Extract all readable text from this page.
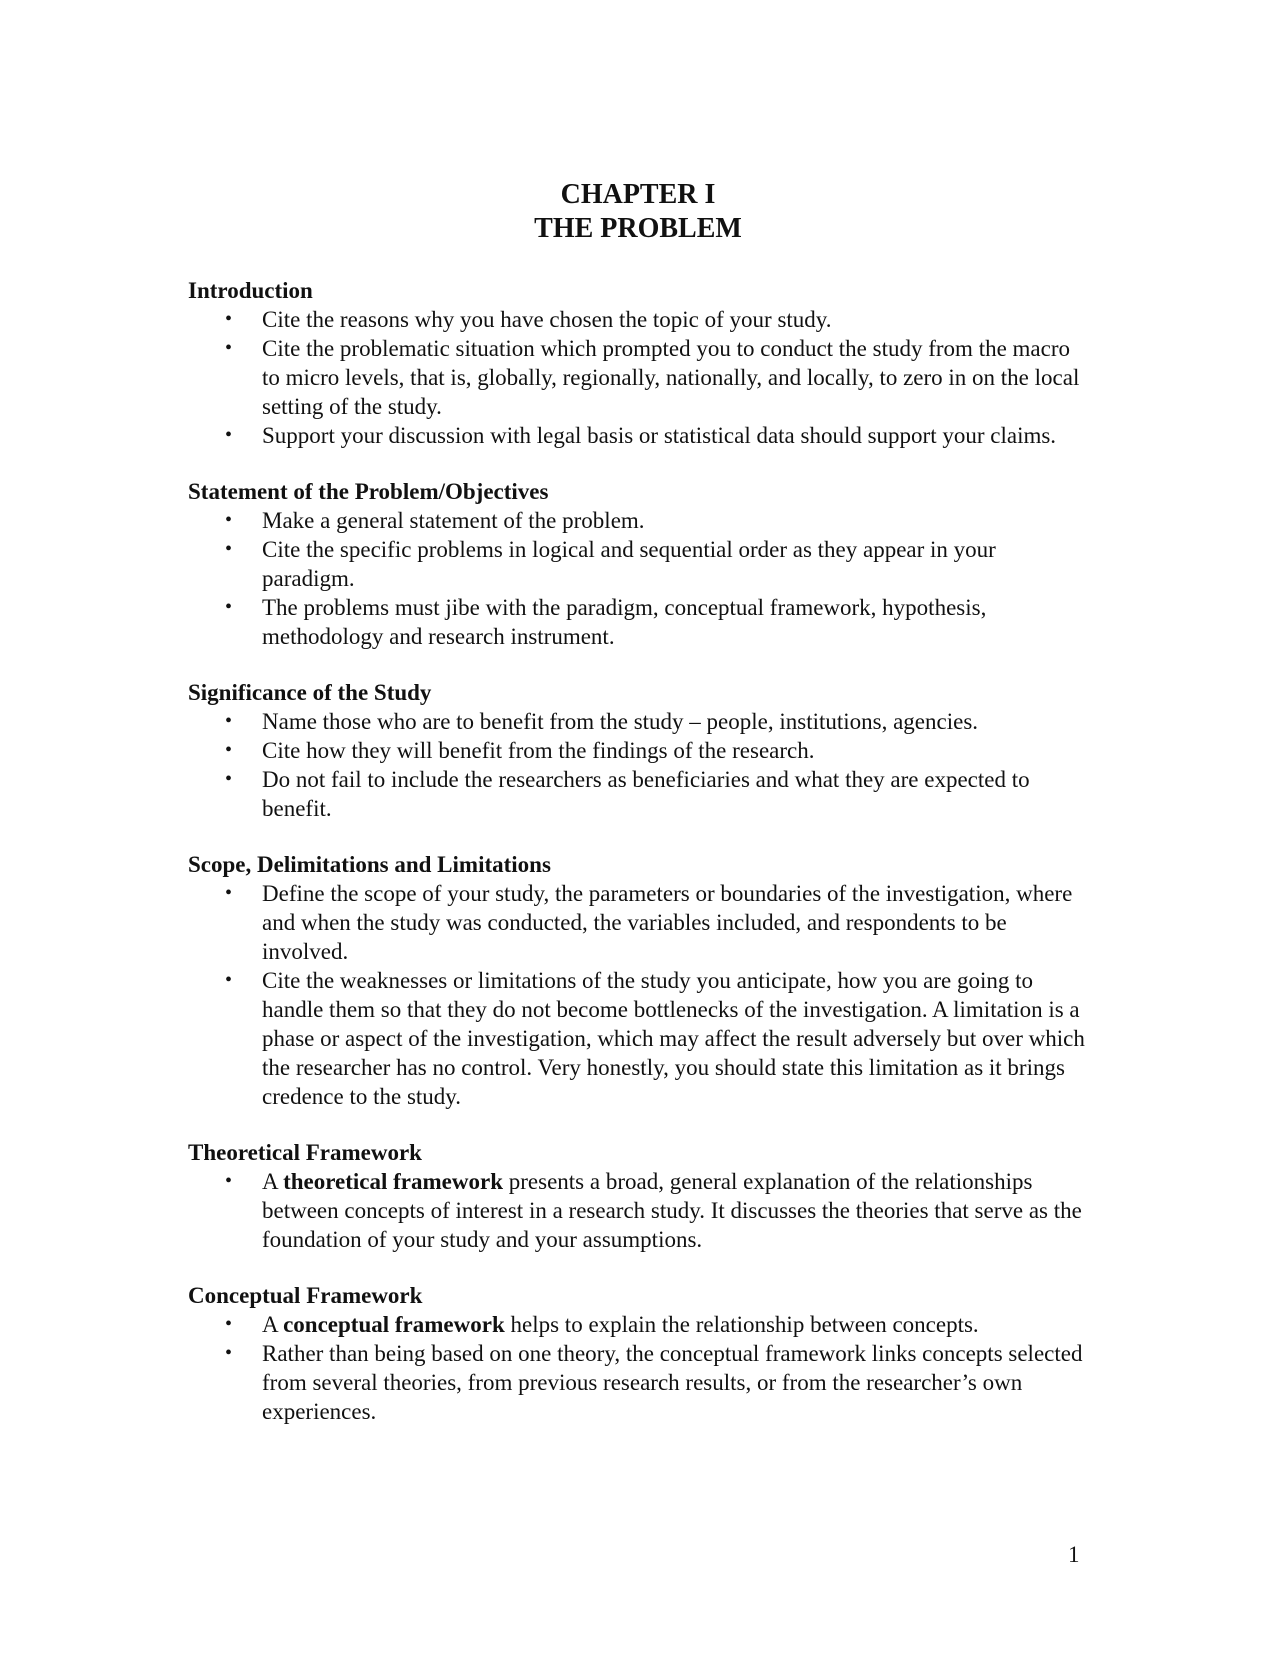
CHAPTER I
THE PROBLEM
Introduction
• Cite the reasons why you have chosen the topic of your study.
• Cite the problematic situation which prompted you to conduct the study from the macro to micro levels, that is, globally, regionally, nationally, and locally, to zero in on the local setting of the study.
• Support your discussion with legal basis or statistical data should support your claims.
Statement of the Problem/Objectives
• Make a general statement of the problem.
• Cite the specific problems in logical and sequential order as they appear in your paradigm.
• The problems must jibe with the paradigm, conceptual framework, hypothesis, methodology and research instrument.
Significance of the Study
• Name those who are to benefit from the study – people, institutions, agencies.
• Cite how they will benefit from the findings of the research.
• Do not fail to include the researchers as beneficiaries and what they are expected to benefit.
Scope, Delimitations and Limitations
• Define the scope of your study, the parameters or boundaries of the investigation, where and when the study was conducted, the variables included, and respondents to be involved.
• Cite the weaknesses or limitations of the study you anticipate, how you are going to handle them so that they do not become bottlenecks of the investigation. A limitation is a phase or aspect of the investigation, which may affect the result adversely but over which the researcher has no control. Very honestly, you should state this limitation as it brings credence to the study.
Theoretical Framework
• A theoretical framework presents a broad, general explanation of the relationships between concepts of interest in a research study. It discusses the theories that serve as the foundation of your study and your assumptions.
Conceptual Framework
• A conceptual framework helps to explain the relationship between concepts.
• Rather than being based on one theory, the conceptual framework links concepts selected from several theories, from previous research results, or from the researcher’s own experiences.
1
